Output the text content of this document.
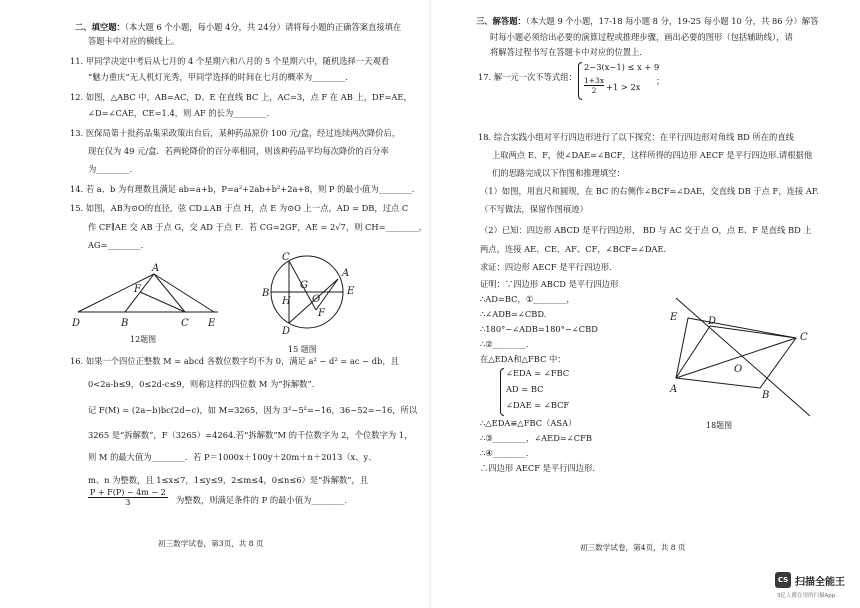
二、填空题：（本大题 6 个小题，每小题 4分，共 24分）请将每小题的正确答案直接填在
答题卡中对应的横线上。
11. 甲同学决定中考后从七月的 4 个星期六和八月的 5 个星期六中，随机选择一天观看
“魅力重庆”无人机灯光秀，甲同学选择的时间在七月的概率为________.
12. 如图，△ABC 中，AB=AC，D、E 在直线 BC 上，AC=3，点 F 在 AB 上，DF=AE，
∠D=∠CAE，CE=1.4，则 AF 的长为________.
13. 医保局第十批药品集采政策出台后，某种药品原价 100 元/盒，经过连续两次降价后，
现在仅为 49 元/盒．若两轮降价的百分率相同，则该种药品平均每次降价的百分率
为________.
14. 若 a、b 为有理数且满足 ab=a+b，P=a²+2ab+b²+2a+8，则 P 的最小值为________.
15. 如图，AB为⊙O的直径，弦 CD⊥AB 于点 H，点 E 为⊙O 上一点，AD = DB，过点 C
作 CF∥AE 交 AB 于点 G，交 AD 于点 F．若 CG=2GF，AE = 2√7，则 CH=________，
AG=________.
A
F
D	B	C E
12题图
C
A
B
G
H O
F
D
E
15 题图
16. 如果一个四位正整数 M = abcd 各数位数字均不为 0，满足 a² − d² = ac − db，且
0<2a-b≤9，0≤2d-c≤9，则称这样的四位数 M 为“拆解数”．
记 F(M) = (2a−b)bc(2d−c)，如 M=3265，因为 3²−5²=−16，36−52=−16，所以
3265 是“拆解数”，F（3265）=4264.若“拆解数”M 的千位数字为 2，个位数字为 1，
则 M 的最大值为________．若 P＝1000x＋100y＋20m＋n＋2013（x、y、
m、n 为整数，且 1≤x≤7，1≤y≤9，2≤m≤4，0≤n≤6）是“拆解数”，且
$\frac{P + F(P) - 4m - 2}{3}$ 为整数，则满足条件的 P 的最小值为________.
初三数学试卷，第3页，共 8 页
三、解答题：（本大题 9 个小题，17-18 每小题 8 分，19-25 每小题 10 分，共 86 分）解答
时每小题必须给出必要的演算过程或推理步骤，画出必要的图形（包括辅助线），请
将解答过程书写在答题卡中对应的位置上．
17. 解一元一次不等式组：
2−3(x−1) ≤ x + 9
$\frac{1+3x}{2} +1 > 2x$
；
18. 综合实践小组对平行四边形进行了以下探究：在平行四边形对角线 BD 所在的直线
上取两点 E、F，使∠DAE=∠BCF，这样所得的四边形 AECF 是平行四边形.请根据他
们的思路完成以下作图和推理填空：
（1）如图，用直尺和圆规，在 BC 的右侧作∠BCF=∠DAE，交直线 DB 于点 F，连接 AF.
（不写做法，保留作图痕迹）
（2）已知：四边形 ABCD 是平行四边形， BD 与 AC 交于点 O，点 E、F 是直线 BD 上
两点，连接 AE、CE、AF、CF，∠BCF=∠DAE.
求证：四边形 AECF 是平行四边形．
证明：∵四边形 ABCD 是平行四边形
∴AD=BC，①________，
∴∠ADB=∠CBD.
∴180°−∠ADB=180°−∠CBD
∴②________．
在△EDA和△FBC 中：
∠EDA = ∠FBC
AD = BC
∠DAE = ∠BCF
∴△EDA≌△FBC（ASA）
∴③________，∠AED=∠CFB
∴④________．
∴四边形 AECF 是平行四边形．
E	D
C
O
A
B
18题图
初三数学试卷，第4页，共 8 页
CS 扫描全能王
3亿人都在用的扫描App
